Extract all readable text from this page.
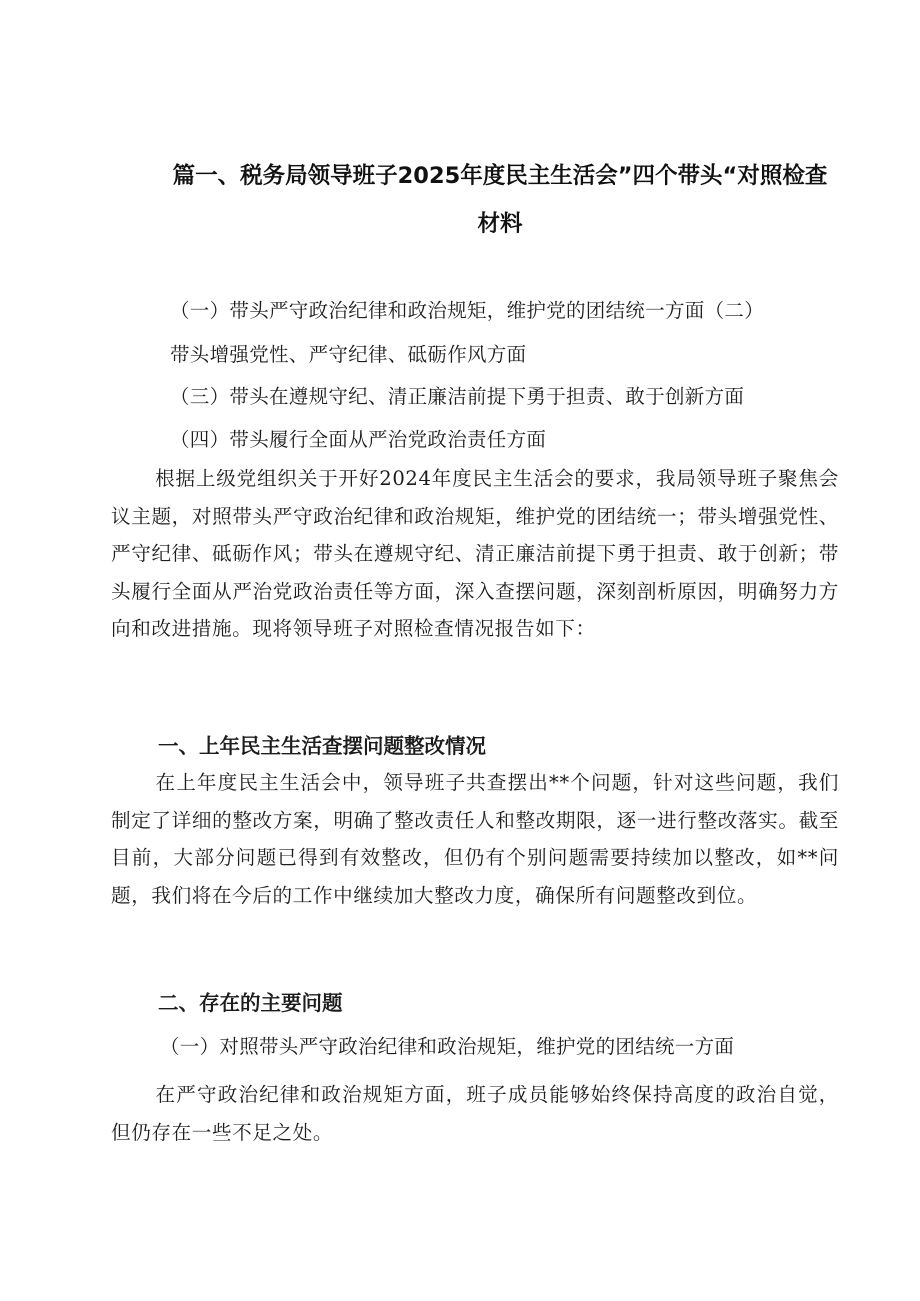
篇一、税务局领导班子2025年度民主生活会”四个带头“对照检查
材料
（一）带头严守政治纪律和政治规矩，维护党的团结统一方面（二）
带头增强党性、严守纪律、砥砺作风方面
（三）带头在遵规守纪、清正廉洁前提下勇于担责、敢于创新方面
（四）带头履行全面从严治党政治责任方面
根据上级党组织关于开好2024年度民主生活会的要求，我局领导班子聚焦会议主题，对照带头严守政治纪律和政治规矩，维护党的团结统一；带头增强党性、严守纪律、砥砺作风；带头在遵规守纪、清正廉洁前提下勇于担责、敢于创新；带头履行全面从严治党政治责任等方面，深入查摆问题，深刻剖析原因，明确努力方向和改进措施。现将领导班子对照检查情况报告如下：
一、上年民主生活查摆问题整改情况
在上年度民主生活会中，领导班子共查摆出**个问题，针对这些问题，我们制定了详细的整改方案，明确了整改责任人和整改期限，逐一进行整改落实。截至目前，大部分问题已得到有效整改，但仍有个别问题需要持续加以整改，如**问题，我们将在今后的工作中继续加大整改力度，确保所有问题整改到位。
二、存在的主要问题
（一）对照带头严守政治纪律和政治规矩，维护党的团结统一方面
在严守政治纪律和政治规矩方面，班子成员能够始终保持高度的政治自觉，但仍存在一些不足之处。
